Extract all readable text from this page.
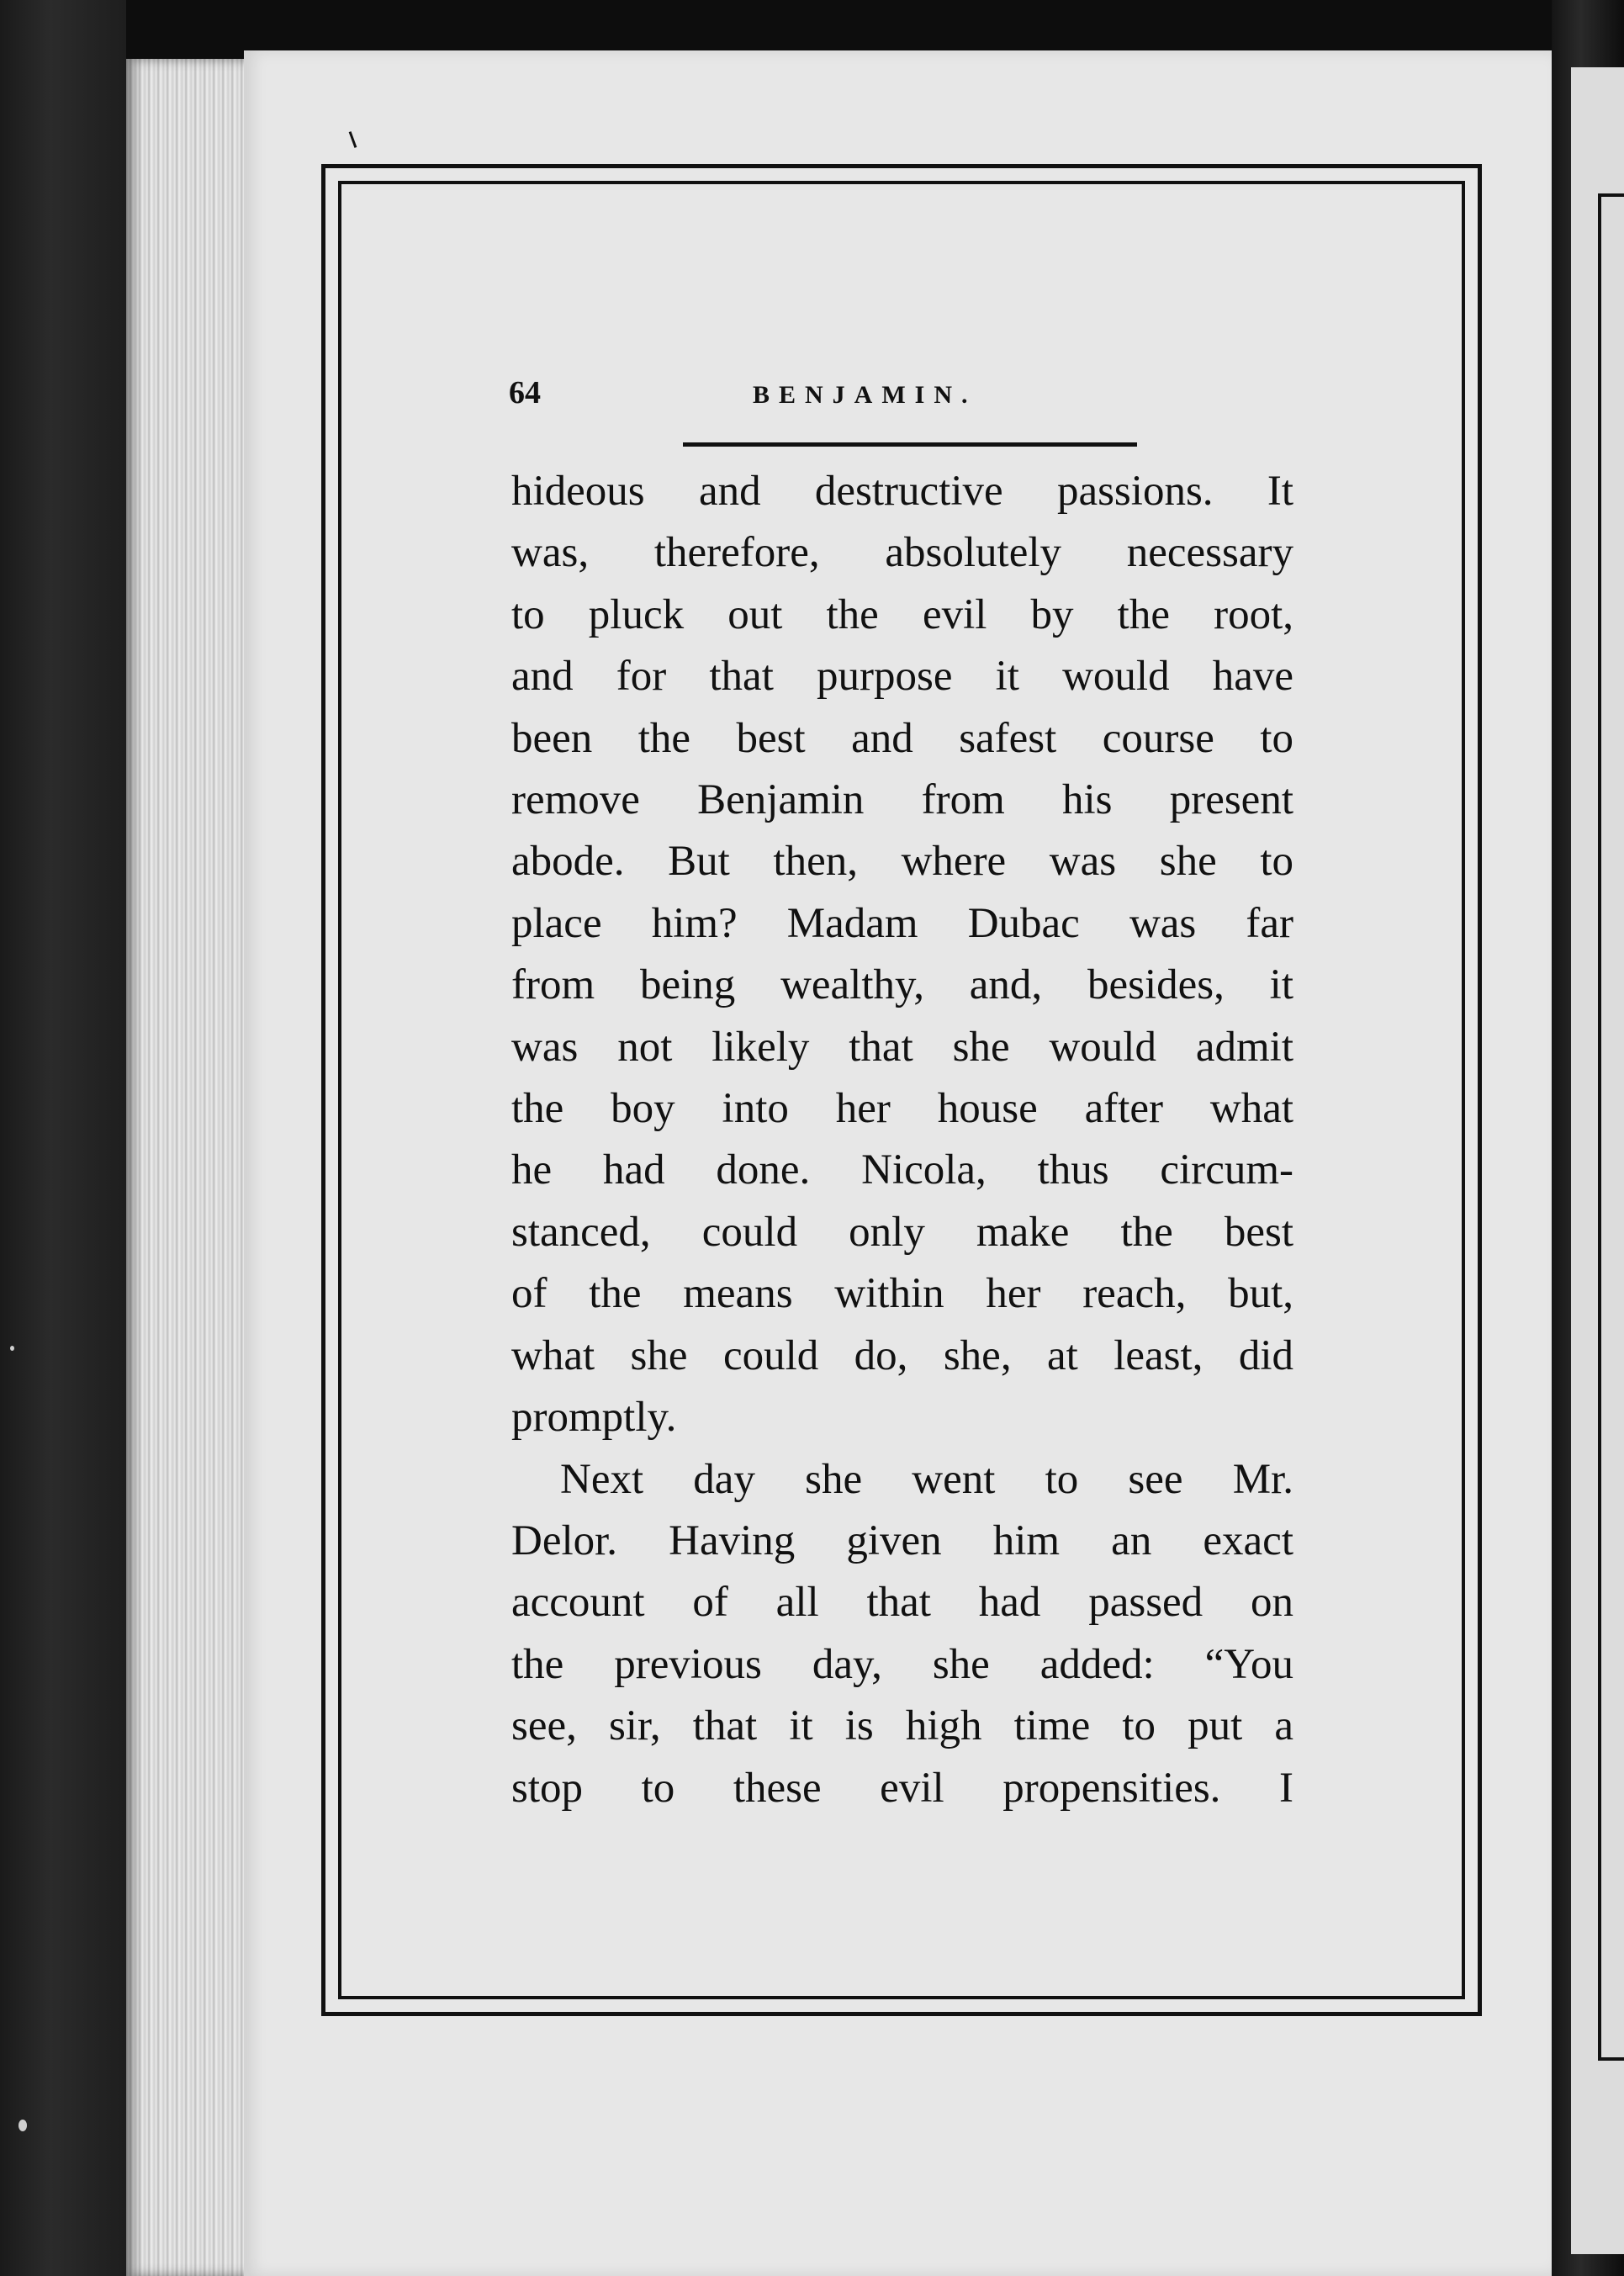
64	BENJAMIN.
hideous and destructive passions. It
was, therefore, absolutely necessary
to pluck out the evil by the root,
and for that purpose it would have
been the best and safest course to
remove Benjamin from his present
abode. But then, where was she to
place him? Madam Dubac was far
from being wealthy, and, besides, it
was not likely that she would admit
the boy into her house after what
he had done. Nicola, thus circum-
stanced, could only make the best
of the means within her reach, but,
what she could do, she, at least, did
promptly.
Next day she went to see Mr.
Delor. Having given him an exact
account of all that had passed on
the previous day, she added: “You
see, sir, that it is high time to put a
stop to these evil propensities. I
